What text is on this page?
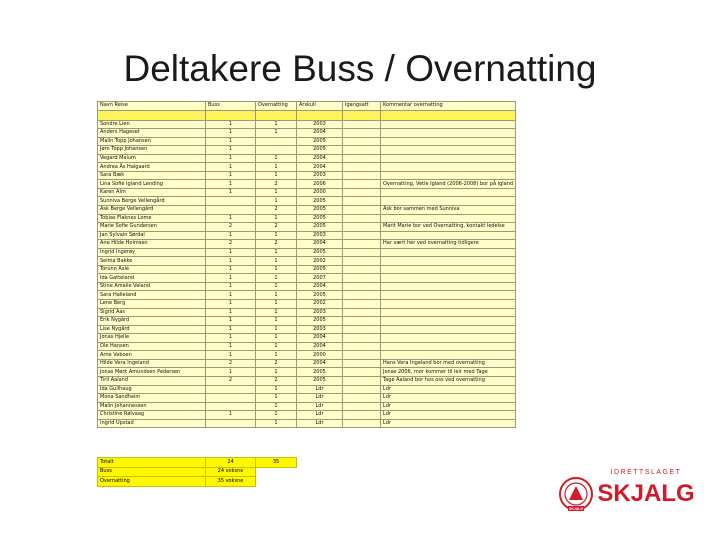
Deltakere Buss / Overnatting
Navn Reise	Buss	Overnatting	Årskull	Igangsatt	Kommentar overnatting

Sondre Lien	1	1	2003		
Anders Hageset	1	1	2004		
Malin Topp Johansen	1		2005		
Jørn Topp Johansen	1		2005		
Vegard Malum	1	1	2004		
Andrea Ås Halgaard	1	1	2004		
Sara Bæk	1	1	2003		
Lina Sofie Igland Lending	1	2	2006		Overnatting, Vetle Igland (2006-2008) bor på Igland
Karen Alm	1	1	2000		
Sunniva Berge Vellengård		1	2005		
Ask Berge Vellengård		2	2005		Ask bor sammen med Sunniva
Tobias Flaknes Lome	1	1	2005		
Marie Sofie Gundersen	2	2	2005		Marit Marie bor ved Overnatting, kontakt ledelse
Jan Sylvain Sørdal	1	1	2003		
Ane Hilde Holmsen	2	2	2004		Har vært her ved overnatting tidligere
Ingrid Ingerøy	1	1	2005		
Selma Bakke	1	1	2002		
Torunn Aslé	1	1	2005		
Ida Gatteland	1	1	2007		
Stine Amalie Veland	1	1	2004		
Sara Halleland	1	1	2005		
Lene Berg	1	1	2002		
Sigrid Aas	1	1	2003		
Erik Nygård	1	1	2005		
Lise Nygård	1	1	2003		
Jonas Hjelle	1	1	2004		
Ole Hansen	1	1	2004		
Arne Vaboen	1	1	2000		
Hilde Vera Ingeland	2	2	2004		Hans Vera Ingeland bor med overnatting
Jonas Mørk Amundsen Pedersen	1	1	2005		Jonas 2006, mor kommer til leir med Tage
Tiril Aaland	2	2	2005		Tage Aaland bor hos oss ved overnatting
Ida Gullhaug		1	Ldr		Ldr
Mona Sandheim		1	Ldr		Ldr
Malin Johannessen		1	Ldr		Ldr
Christine Rølvaag	1	1	Ldr		Ldr
Ingrid Upstad		1	Ldr		Ldr
Totalt	24	35
Buss	24 voksne	
Overnatting	35 voksne	
SKJALG
IDRETTSLAGET
SKJALG
